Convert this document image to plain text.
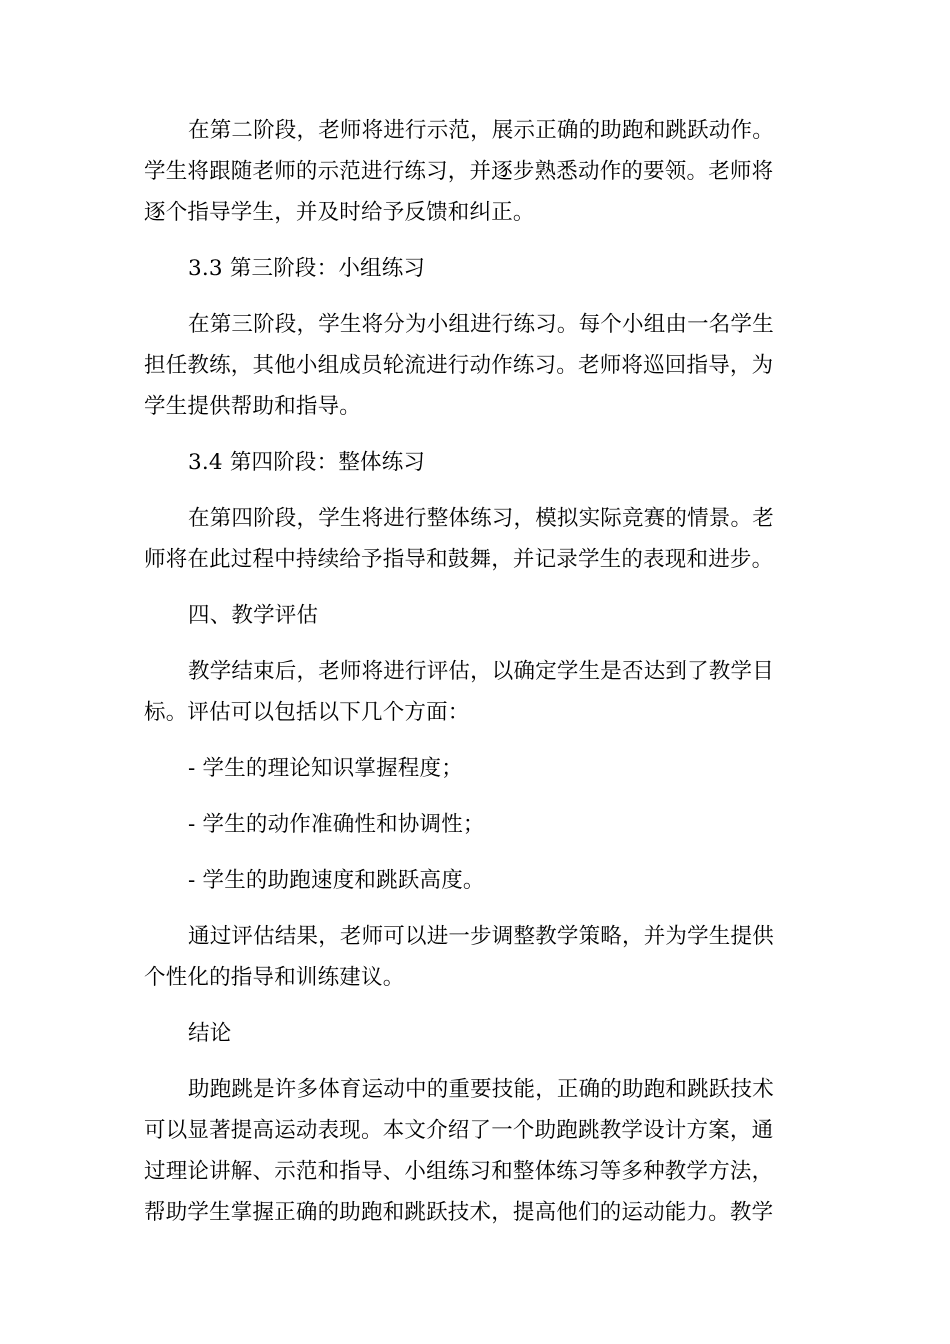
在第二阶段，老师将进行示范，展示正确的助跑和跳跃动作。
学生将跟随老师的示范进行练习，并逐步熟悉动作的要领。老师将
逐个指导学生，并及时给予反馈和纠正。
3.3 第三阶段：小组练习
在第三阶段，学生将分为小组进行练习。每个小组由一名学生
担任教练，其他小组成员轮流进行动作练习。老师将巡回指导，为
学生提供帮助和指导。
3.4 第四阶段：整体练习
在第四阶段，学生将进行整体练习，模拟实际竞赛的情景。老
师将在此过程中持续给予指导和鼓舞，并记录学生的表现和进步。
四、教学评估
教学结束后，老师将进行评估，以确定学生是否达到了教学目
标。评估可以包括以下几个方面：
- 学生的理论知识掌握程度；
- 学生的动作准确性和协调性；
- 学生的助跑速度和跳跃高度。
通过评估结果，老师可以进一步调整教学策略，并为学生提供
个性化的指导和训练建议。
结论
助跑跳是许多体育运动中的重要技能，正确的助跑和跳跃技术
可以显著提高运动表现。本文介绍了一个助跑跳教学设计方案，通
过理论讲解、示范和指导、小组练习和整体练习等多种教学方法，
帮助学生掌握正确的助跑和跳跃技术，提高他们的运动能力。教学
